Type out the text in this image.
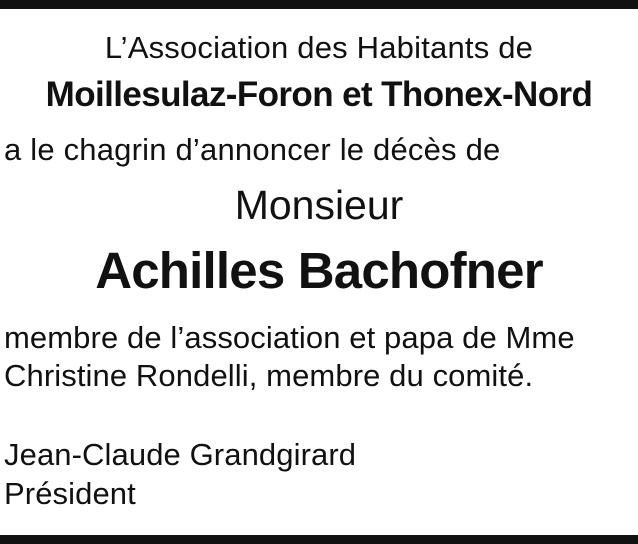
L’Association des Habitants de
Moillesulaz-Foron et Thonex-Nord
a le chagrin d’annoncer le décès de
Monsieur
Achilles Bachofner
membre de l’association et papa de Mme
Christine Rondelli, membre du comité.
Jean-Claude Grandgirard
Président
